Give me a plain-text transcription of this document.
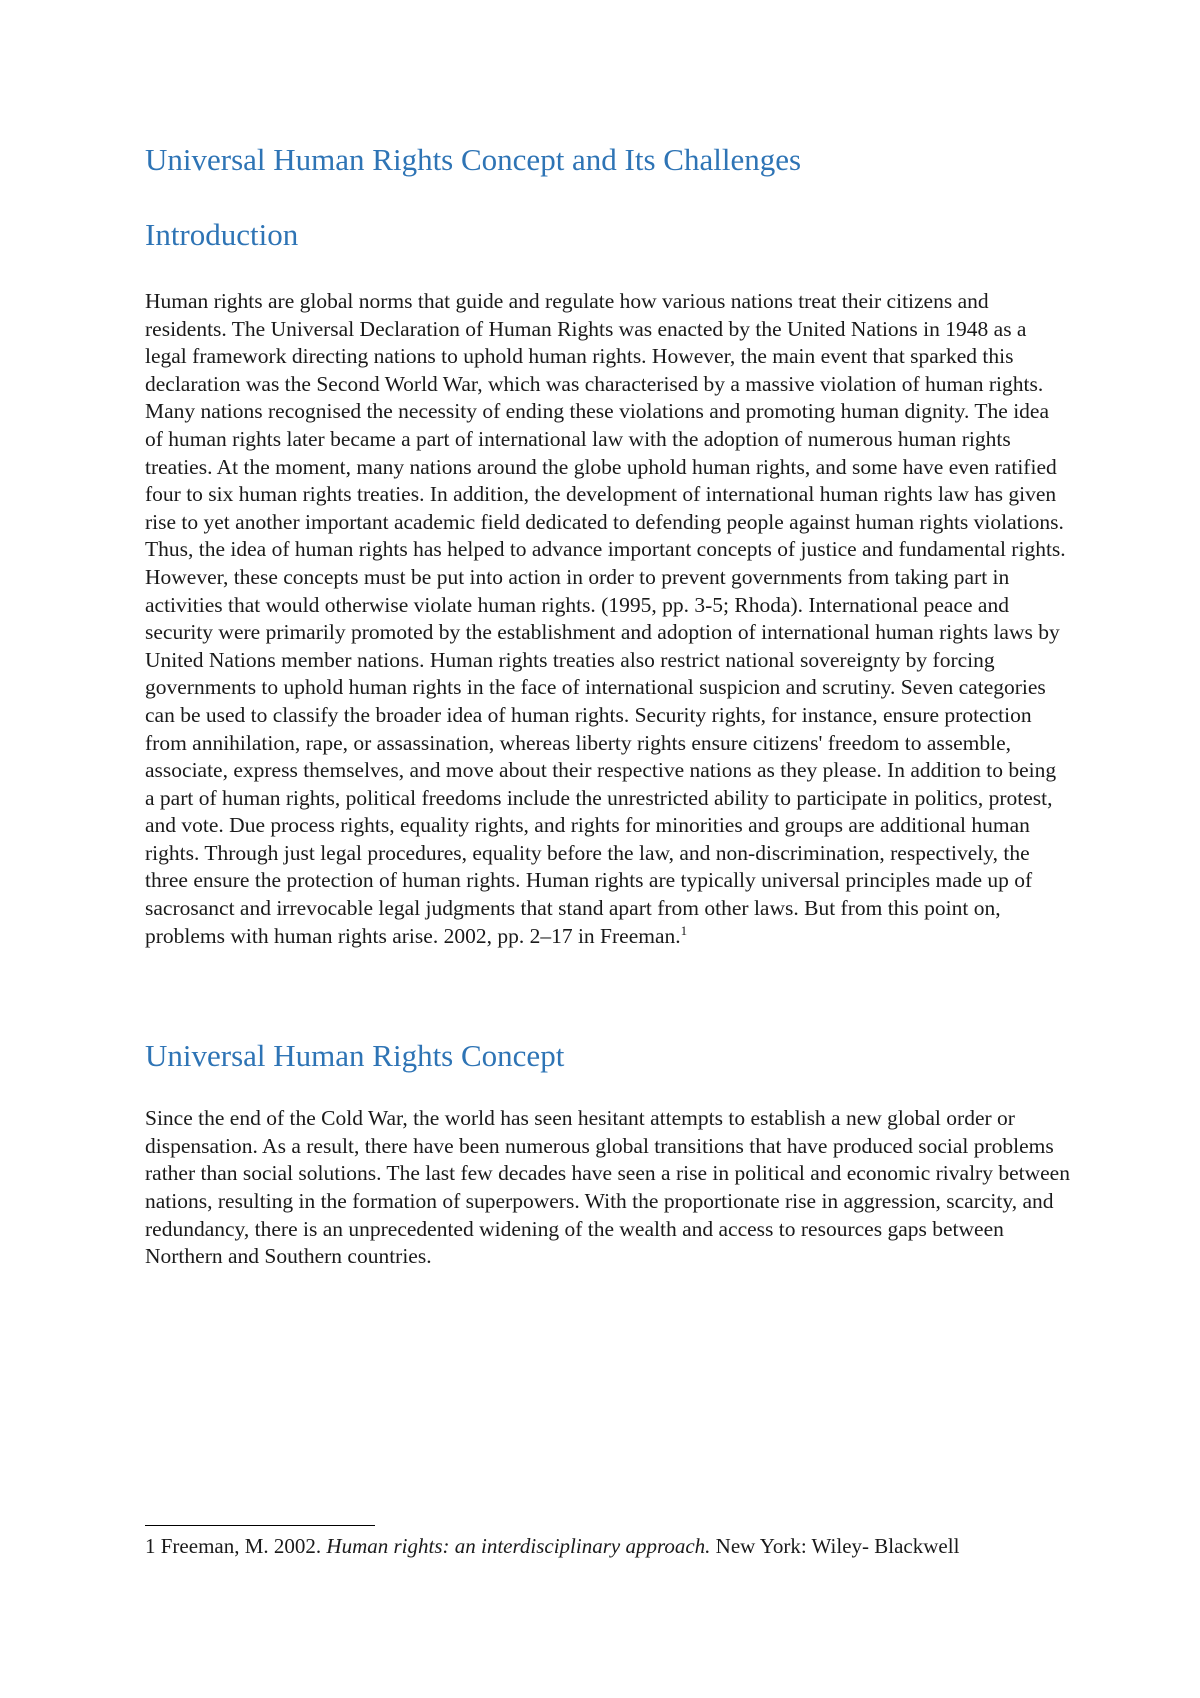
Universal Human Rights Concept and Its Challenges
Introduction

Human rights are global norms that guide and regulate how various nations treat their citizens and residents. The Universal Declaration of Human Rights was enacted by the United Nations in 1948 as a legal framework directing nations to uphold human rights. However, the main event that sparked this declaration was the Second World War, which was characterised by a massive violation of human rights. Many nations recognised the necessity of ending these violations and promoting human dignity. The idea of human rights later became a part of international law with the adoption of numerous human rights treaties. At the moment, many nations around the globe uphold human rights, and some have even ratified four to six human rights treaties. In addition, the development of international human rights law has given rise to yet another important academic field dedicated to defending people against human rights violations. Thus, the idea of human rights has helped to advance important concepts of justice and fundamental rights. However, these concepts must be put into action in order to prevent governments from taking part in activities that would otherwise violate human rights. (1995, pp. 3-5; Rhoda). International peace and security were primarily promoted by the establishment and adoption of international human rights laws by United Nations member nations. Human rights treaties also restrict national sovereignty by forcing governments to uphold human rights in the face of international suspicion and scrutiny. Seven categories can be used to classify the broader idea of human rights. Security rights, for instance, ensure protection from annihilation, rape, or assassination, whereas liberty rights ensure citizens' freedom to assemble, associate, express themselves, and move about their respective nations as they please. In addition to being a part of human rights, political freedoms include the unrestricted ability to participate in politics, protest, and vote. Due process rights, equality rights, and rights for minorities and groups are additional human rights. Through just legal procedures, equality before the law, and non-discrimination, respectively, the three ensure the protection of human rights. Human rights are typically universal principles made up of sacrosanct and irrevocable legal judgments that stand apart from other laws. But from this point on, problems with human rights arise. 2002, pp. 2–17 in Freeman.$^1$

Universal Human Rights Concept

Since the end of the Cold War, the world has seen hesitant attempts to establish a new global order or dispensation. As a result, there have been numerous global transitions that have produced social problems rather than social solutions. The last few decades have seen a rise in political and economic rivalry between nations, resulting in the formation of superpowers. With the proportionate rise in aggression, scarcity, and redundancy, there is an unprecedented widening of the wealth and access to resources gaps between Northern and Southern countries.

1 Freeman, M. 2002. Human rights: an interdisciplinary approach. New York: Wiley- Blackwell
